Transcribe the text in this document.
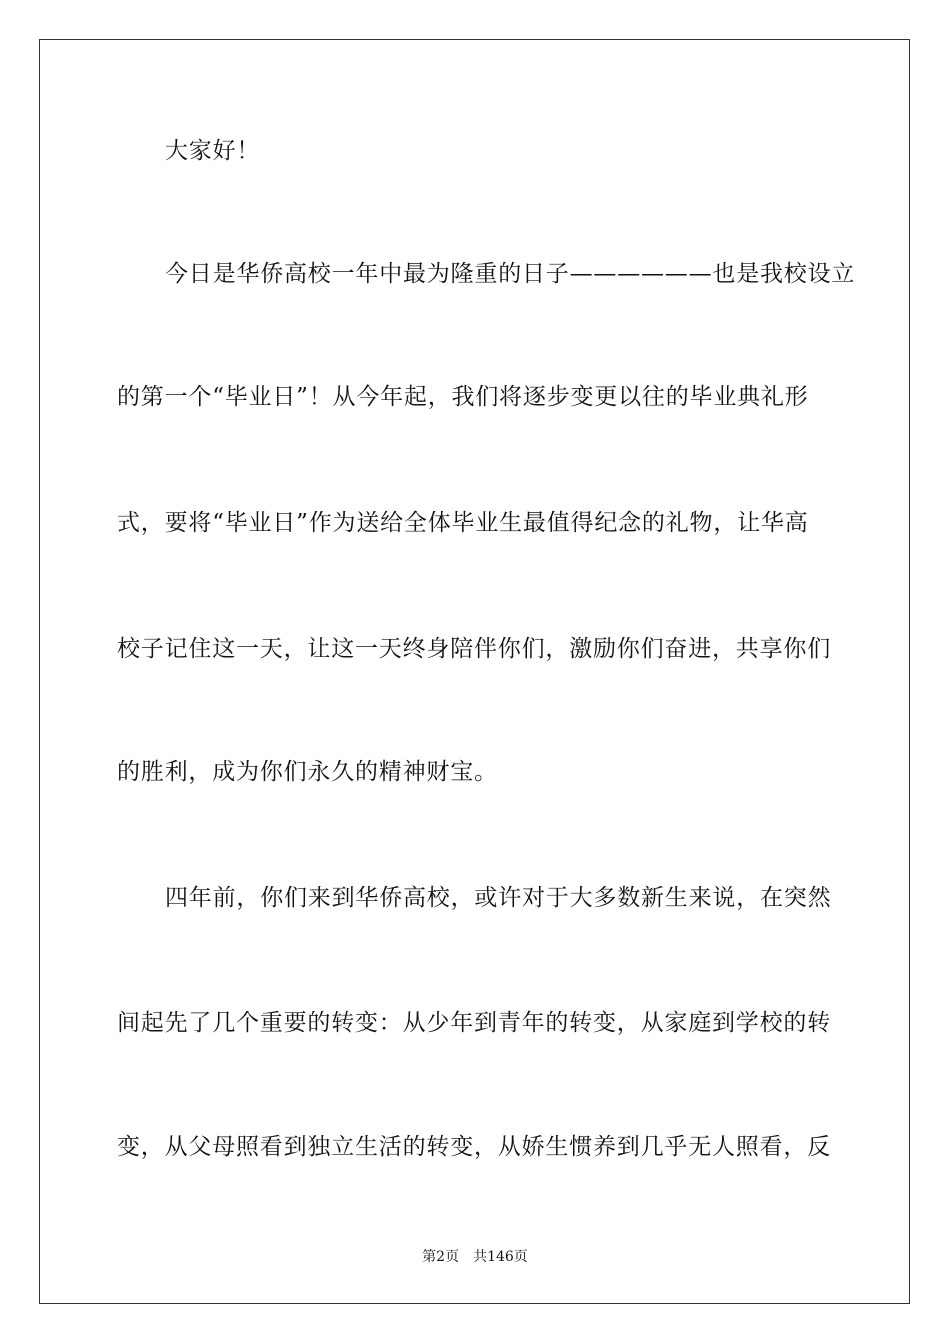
大家好！
今日是华侨高校一年中最为隆重的日子——————也是我校设立
的第一个“毕业日”！从今年起，我们将逐步变更以往的毕业典礼形
式，要将“毕业日”作为送给全体毕业生最值得纪念的礼物，让华高
校子记住这一天，让这一天终身陪伴你们，激励你们奋进，共享你们
的胜利，成为你们永久的精神财宝。
四年前，你们来到华侨高校，或许对于大多数新生来说，在突然
间起先了几个重要的转变：从少年到青年的转变，从家庭到学校的转
变，从父母照看到独立生活的转变，从娇生惯养到几乎无人照看，反
第2页　共146页
